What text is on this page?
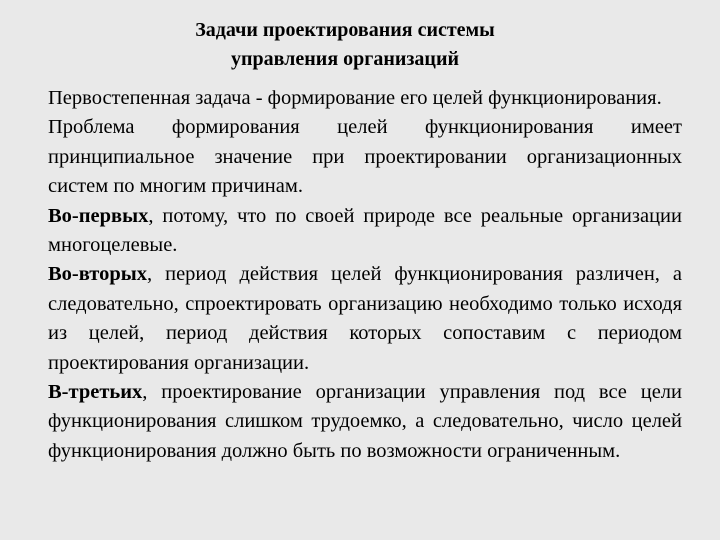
Задачи проектирования системы
управления организаций

Первостепенная задача - формирование его целей функционирования.

Проблема формирования целей функционирования имеет принципиальное значение при проектировании организационных систем по многим причинам.

Во-первых, потому, что по своей природе все реальные организации многоцелевые.

Во-вторых, период действия целей функционирования различен, а следовательно, спроектировать организацию необходимо только исходя из целей, период действия которых сопоставим с периодом проектирования организации.

В-третьих, проектирование организации управления под все цели функционирования слишком трудоемко, а следовательно, число целей функционирования должно быть по возможности ограниченным.
